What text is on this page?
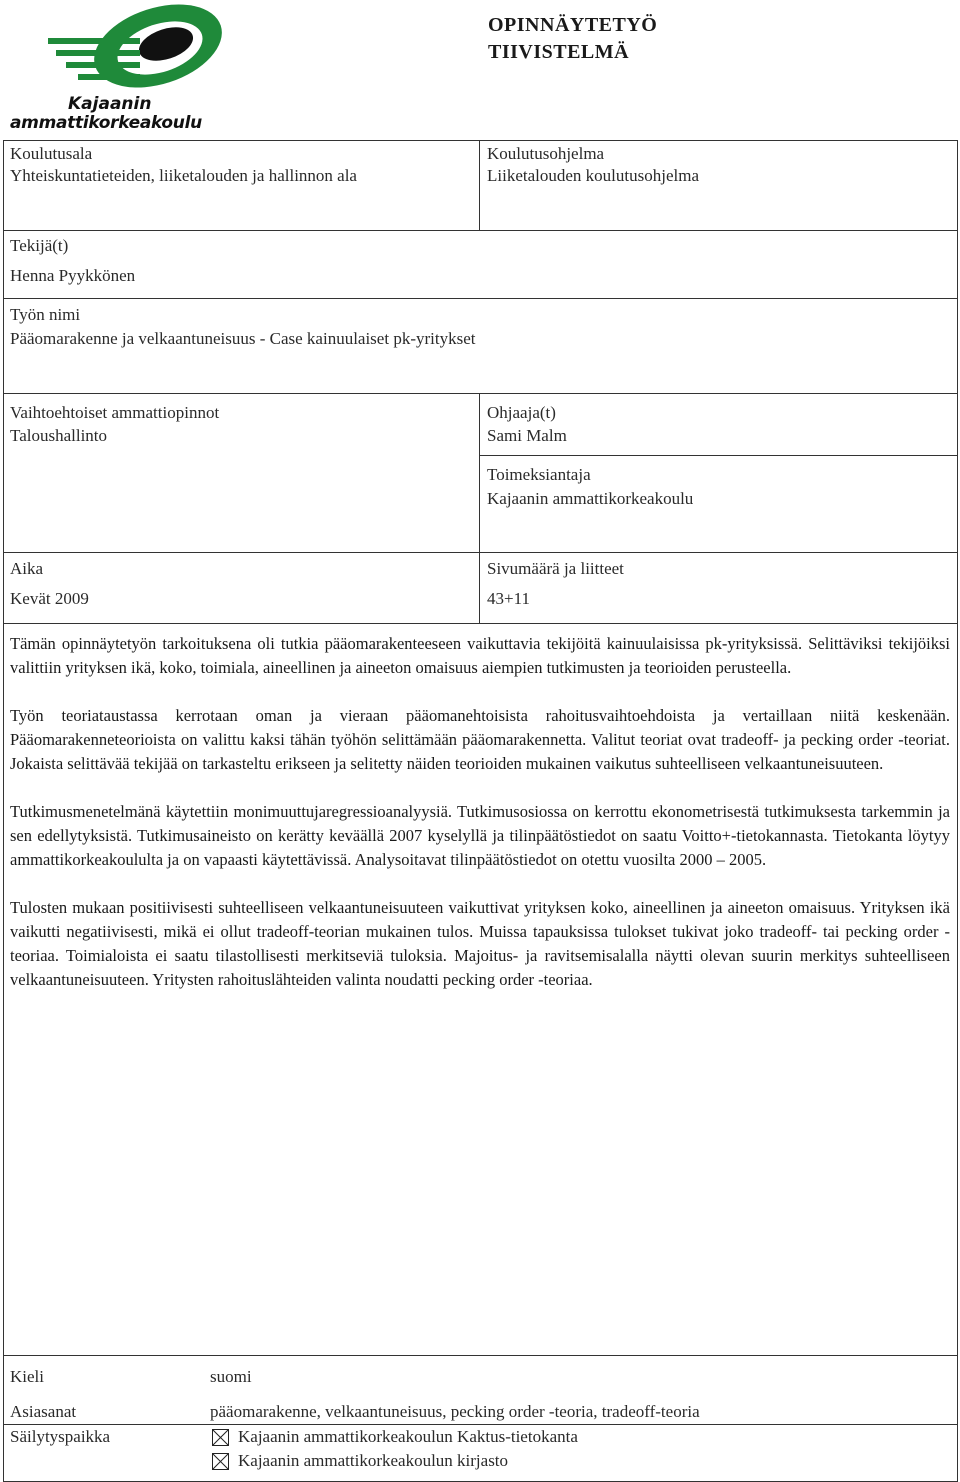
Kajaanin
ammattikorkeakoulu
OPINNÄYTETYÖ
TIIVISTELMÄ
Koulutusala
Yhteiskuntatieteiden, liiketalouden ja hallinnon ala
Koulutusohjelma
Liiketalouden koulutusohjelma
Tekijä(t)
Henna Pyykkönen
Työn nimi
Pääomarakenne ja velkaantuneisuus - Case kainuulaiset pk-yritykset
Vaihtoehtoiset ammattiopinnot
Taloushallinto
Ohjaaja(t)
Sami Malm
Toimeksiantaja
Kajaanin ammattikorkeakoulu
Aika
Kevät 2009
Sivumäärä ja liitteet
43+11

Tämän opinnäytetyön tarkoituksena oli tutkia pääomarakenteeseen vaikuttavia tekijöitä kainuulaisissa pk-yrityksissä. Selittäviksi tekijöiksi valittiin yrityksen ikä, koko, toimiala, aineellinen ja aineeton omaisuus aiempien tutkimusten ja teorioiden perusteella.

Työn teoriataustassa kerrotaan oman ja vieraan pääomanehtoisista rahoitusvaihtoehdoista ja vertaillaan niitä keskenään. Pääomarakenneteorioista on valittu kaksi tähän työhön selittämään pääomarakennetta. Valitut teoriat ovat tradeoff- ja pecking order -teoriat. Jokaista selittävää tekijää on tarkasteltu erikseen ja selitetty näiden teorioiden mukainen vaikutus suhteelliseen velkaantuneisuuteen.

Tutkimusmenetelmänä käytettiin monimuuttujaregressioanalyysiä. Tutkimusosiossa on kerrottu ekonometrisestä tutkimuksesta tarkemmin ja sen edellytyksistä. Tutkimusaineisto on kerätty keväällä 2007 kyselyllä ja tilinpäätöstiedot on saatu Voitto+-tietokannasta. Tietokanta löytyy ammattikorkeakoululta ja on vapaasti käytettävissä. Analysoitavat tilinpäätöstiedot on otettu vuosilta 2000 – 2005.

Tulosten mukaan positiivisesti suhteelliseen velkaantuneisuuteen vaikuttivat yrityksen koko, aineellinen ja aineeton omaisuus. Yrityksen ikä vaikutti negatiivisesti, mikä ei ollut tradeoff-teorian mukainen tulos. Muissa tapauksissa tulokset tukivat joko tradeoff- tai pecking order -teoriaa. Toimialoista ei saatu tilastollisesti merkitseviä tuloksia. Majoitus- ja ravitsemisalalla näytti olevan suurin merkitys suhteelliseen velkaantuneisuuteen. Yritysten rahoituslähteiden valinta noudatti pecking order -teoriaa.

Kieli	suomi
Asiasanat	pääomarakenne, velkaantuneisuus, pecking order -teoria, tradeoff-teoria
Säilytyspaikka	Kajaanin ammattikorkeakoulun Kaktus-tietokanta
Kajaanin ammattikorkeakoulun kirjasto
